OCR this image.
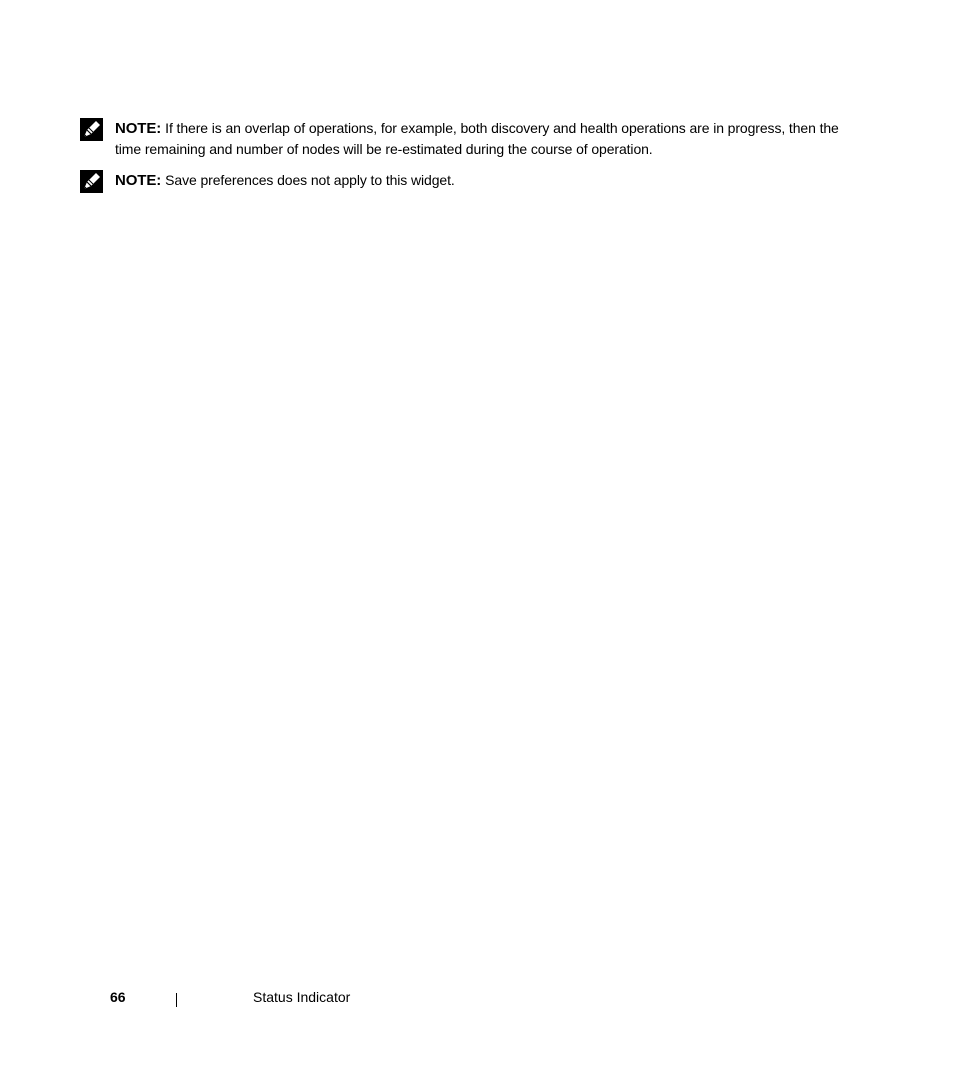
NOTE: If there is an overlap of operations, for example, both discovery and health operations are in progress, then the time remaining and number of nodes will be re-estimated during the course of operation.
NOTE: Save preferences does not apply to this widget.
66	Status Indicator
